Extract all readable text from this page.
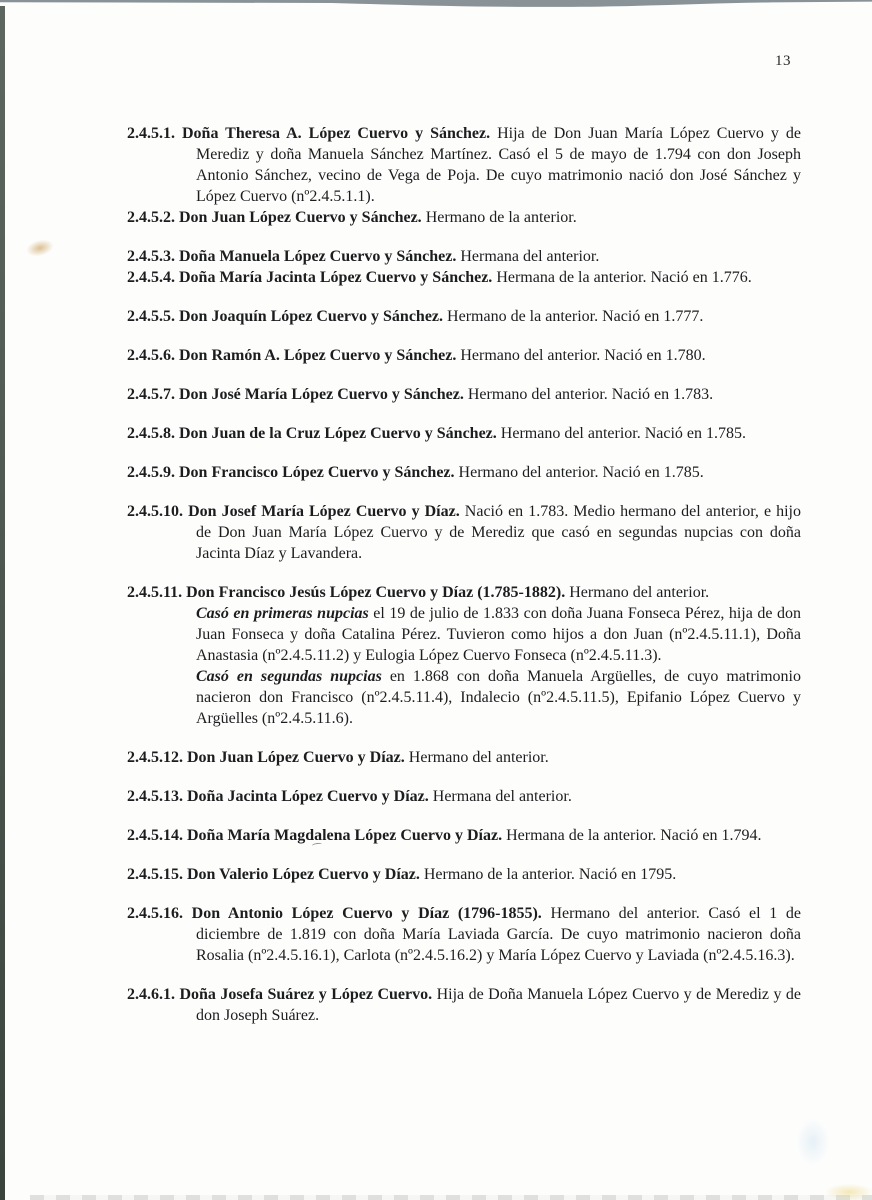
13

2.4.5.1. Doña Theresa A. López Cuervo y Sánchez. Hija de Don Juan María López Cuervo y de Merediz y doña Manuela Sánchez Martínez. Casó el 5 de mayo de 1.794 con don Joseph Antonio Sánchez, vecino de Vega de Poja. De cuyo matrimonio nació don José Sánchez y López Cuervo (nº2.4.5.1.1).

2.4.5.2. Don Juan López Cuervo y Sánchez. Hermano de la anterior.

2.4.5.3. Doña Manuela López Cuervo y Sánchez. Hermana del anterior.

2.4.5.4. Doña María Jacinta López Cuervo y Sánchez. Hermana de la anterior. Nació en 1.776.

2.4.5.5. Don Joaquín López Cuervo y Sánchez. Hermano de la anterior. Nació en 1.777.

2.4.5.6. Don Ramón A. López Cuervo y Sánchez. Hermano del anterior. Nació en 1.780.

2.4.5.7. Don José María López Cuervo y Sánchez. Hermano del anterior. Nació en 1.783.

2.4.5.8. Don Juan de la Cruz López Cuervo y Sánchez. Hermano del anterior. Nació en 1.785.

2.4.5.9. Don Francisco López Cuervo y Sánchez. Hermano del anterior. Nació en 1.785.

2.4.5.10. Don Josef María López Cuervo y Díaz. Nació en 1.783. Medio hermano del anterior, e hijo de Don Juan María López Cuervo y de Merediz que casó en segundas nupcias con doña Jacinta Díaz y Lavandera.

2.4.5.11. Don Francisco Jesús López Cuervo y Díaz (1.785-1882). Hermano del anterior.

Casó en primeras nupcias el 19 de julio de 1.833 con doña Juana Fonseca Pérez, hija de don Juan Fonseca y doña Catalina Pérez. Tuvieron como hijos a don Juan (nº2.4.5.11.1), Doña Anastasia (nº2.4.5.11.2) y Eulogia López Cuervo Fonseca (nº2.4.5.11.3).

Casó en segundas nupcias en 1.868 con doña Manuela Argüelles, de cuyo matrimonio nacieron don Francisco (nº2.4.5.11.4), Indalecio (nº2.4.5.11.5), Epifanio López Cuervo y Argüelles (nº2.4.5.11.6).

2.4.5.12. Don Juan López Cuervo y Díaz. Hermano del anterior.

2.4.5.13. Doña Jacinta López Cuervo y Díaz. Hermana del anterior.

2.4.5.14. Doña María Magdalena López Cuervo y Díaz. Hermana de la anterior. Nació en 1.794.

2.4.5.15. Don Valerio López Cuervo y Díaz. Hermano de la anterior. Nació en 1795.

2.4.5.16. Don Antonio López Cuervo y Díaz (1796-1855). Hermano del anterior. Casó el 1 de diciembre de 1.819 con doña María Laviada García. De cuyo matrimonio nacieron doña Rosalia (nº2.4.5.16.1), Carlota (nº2.4.5.16.2) y María López Cuervo y Laviada (nº2.4.5.16.3).

2.4.6.1. Doña Josefa Suárez y López Cuervo. Hija de Doña Manuela López Cuervo y de Merediz y de don Joseph Suárez.
